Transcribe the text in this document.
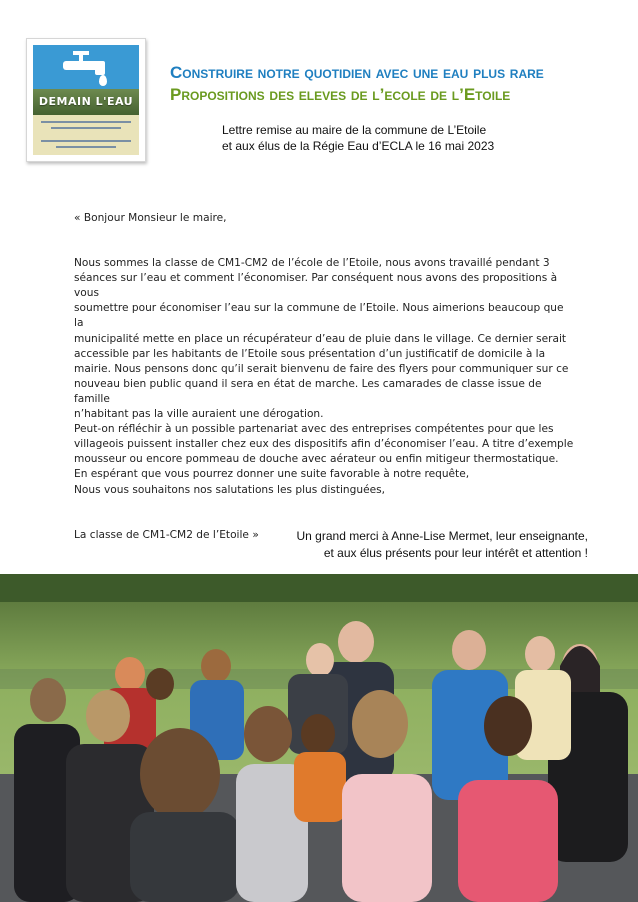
DEMAIN L'EAU
Construire notre quotidien avec une eau plus rare
Propositions des eleves de l’ecole de l’Etoile
Lettre remise au maire de la commune de L’Etoile
et aux élus de la Régie Eau d’ECLA le 16 mai 2023

« Bonjour Monsieur le maire,

Nous sommes la classe de CM1-CM2 de l’école de l’Etoile, nous avons travaillé pendant 3

séances sur l’eau et comment l’économiser. Par conséquent nous avons des propositions à vous

soumettre pour économiser l’eau sur la commune de l’Etoile. Nous aimerions beaucoup que la

municipalité mette en place un récupérateur d’eau de pluie dans le village. Ce dernier serait

accessible par les habitants de l’Etoile sous présentation d’un justificatif de domicile à la

mairie. Nous pensons donc qu’il serait bienvenu de faire des flyers pour communiquer sur ce

nouveau bien public quand il sera en état de marche. Les camarades de classe issue de famille

n’habitant pas la ville auraient une dérogation.

Peut-on réfléchir à un possible partenariat avec des entreprises compétentes pour que les

villageois puissent installer chez eux des dispositifs afin d’économiser l’eau. A titre d’exemple

mousseur ou encore pommeau de douche avec aérateur ou enfin mitigeur thermostatique.

En espérant que vous pourrez donner une suite favorable à notre requête,

Nous vous souhaitons nos salutations les plus distinguées,

La classe de CM1-CM2 de l’Etoile »	Un grand merci à Anne-Lise Mermet, leur enseignante,
et aux élus présents pour leur intérêt et attention !
